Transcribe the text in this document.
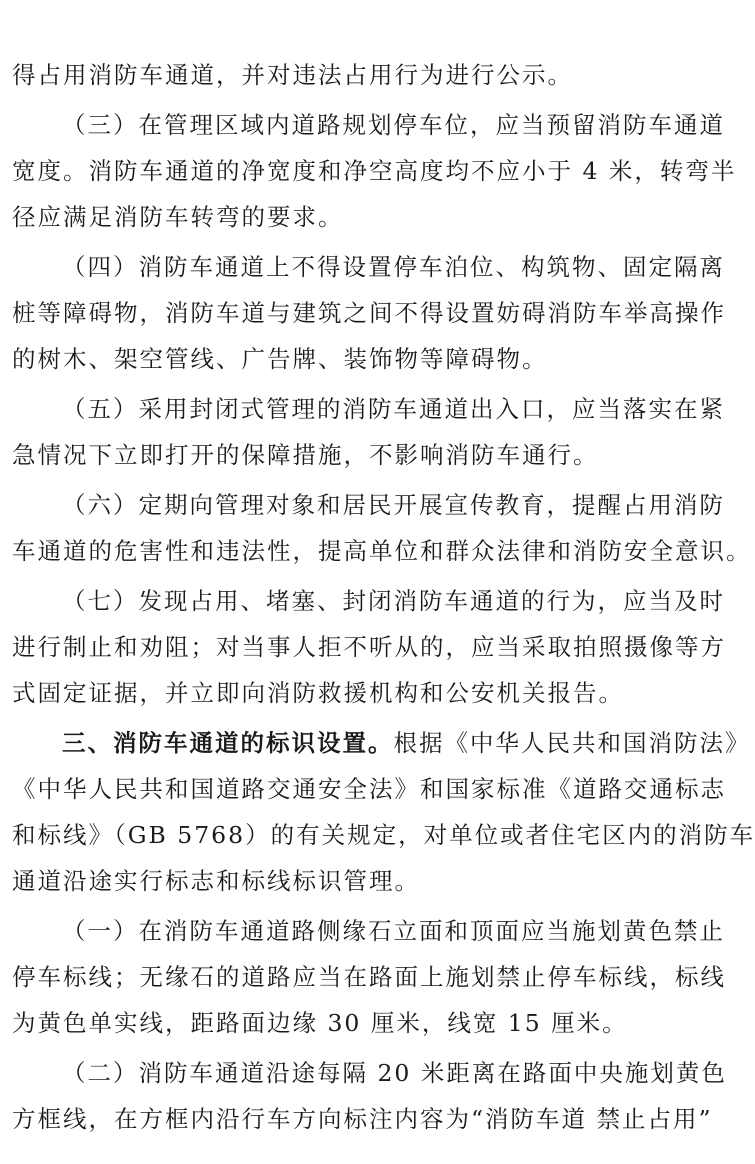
得占用消防车通道，并对违法占用行为进行公示。
（三）在管理区域内道路规划停车位，应当预留消防车通道
宽度。消防车通道的净宽度和净空高度均不应小于 4 米，转弯半
径应满足消防车转弯的要求。
（四）消防车通道上不得设置停车泊位、构筑物、固定隔离
桩等障碍物，消防车道与建筑之间不得设置妨碍消防车举高操作
的树木、架空管线、广告牌、装饰物等障碍物。
（五）采用封闭式管理的消防车通道出入口，应当落实在紧
急情况下立即打开的保障措施，不影响消防车通行。
（六）定期向管理对象和居民开展宣传教育，提醒占用消防
车通道的危害性和违法性，提高单位和群众法律和消防安全意识。
（七）发现占用、堵塞、封闭消防车通道的行为，应当及时
进行制止和劝阻；对当事人拒不听从的，应当采取拍照摄像等方
式固定证据，并立即向消防救援机构和公安机关报告。
三、消防车通道的标识设置。根据《中华人民共和国消防法》
《中华人民共和国道路交通安全法》和国家标准《道路交通标志
和标线》（GB 5768）的有关规定，对单位或者住宅区内的消防车
通道沿途实行标志和标线标识管理。
（一）在消防车通道路侧缘石立面和顶面应当施划黄色禁止
停车标线；无缘石的道路应当在路面上施划禁止停车标线，标线
为黄色单实线，距路面边缘 30 厘米，线宽 15 厘米。
（二）消防车通道沿途每隔 20 米距离在路面中央施划黄色
方框线，在方框内沿行车方向标注内容为“消防车道 禁止占用”
